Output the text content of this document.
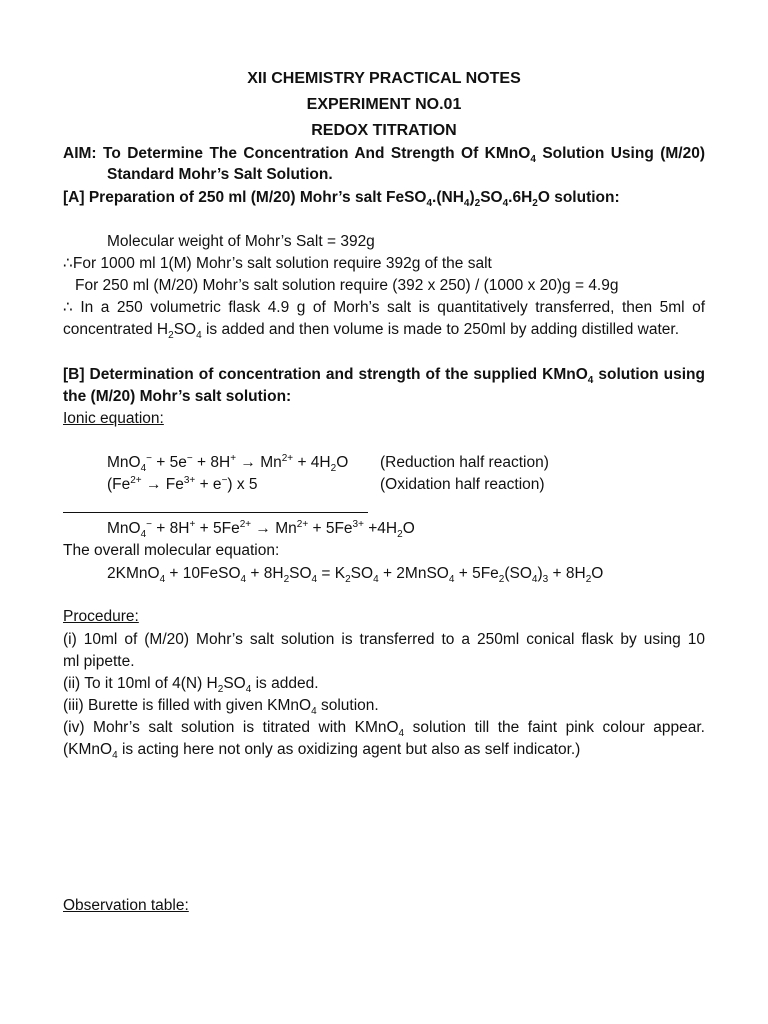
XII CHEMISTRY PRACTICAL NOTES
EXPERIMENT NO.01
REDOX TITRATION
AIM: To Determine The Concentration And Strength Of KMnO$_4$ Solution Using (M/20)
Standard Mohr’s Salt Solution.
[A] Preparation of 250 ml (M/20) Mohr’s salt $FeSO_4.(NH_4)_2SO_4.6H_2O$ solution:
Molecular weight of Mohr’s Salt = 392g
∴For 1000 ml 1(M) Mohr’s salt solution require 392g of the salt
For 250 ml (M/20) Mohr’s salt solution require (392 x 250) / (1000 x 20)g = 4.9g
∴ In a 250 volumetric flask 4.9 g of Morh’s salt is quantitatively transferred, then 5ml of
concentrated $H_2SO_4$ is added and then volume is made to 250ml by adding distilled water.
[B] Determination of concentration and strength of the supplied KMnO$_4$ solution using
the (M/20) Mohr’s salt solution:
Ionic equation:
$MnO_4^- + 5e^- + 8H^+ \to Mn^{2+} + 4H_2O$ (Reduction half reaction)
$(Fe^{2+} \to Fe^{3+} + e^-)$ x 5	(Oxidation half reaction)
$MnO_4^- + 8H^+ + 5Fe^{2+} \to Mn^{2+} + 5Fe^{3+} +4H_2O$
The overall molecular equation:
2KMnO$_4$ + 10FeSO$_4$ + $8H_2SO_4 = K_2SO_4$ + 2MnSO$_4$ + $5Fe_2(SO_4)_3 + 8H_2O$
Procedure:
(i) 10ml of (M/20) Mohr’s salt solution is transferred to a 250ml conical flask by using 10
ml pipette.
(ii) To it 10ml of 4(N) $H_2SO_4$ is added.
(iii) Burette is filled with given KMnO$_4$ solution.
(iv) Mohr’s salt solution is titrated with KMnO$_4$ solution till the faint pink colour appear.
(KMnO$_4$ is acting here not only as oxidizing agent but also as self indicator.)
Observation table:
